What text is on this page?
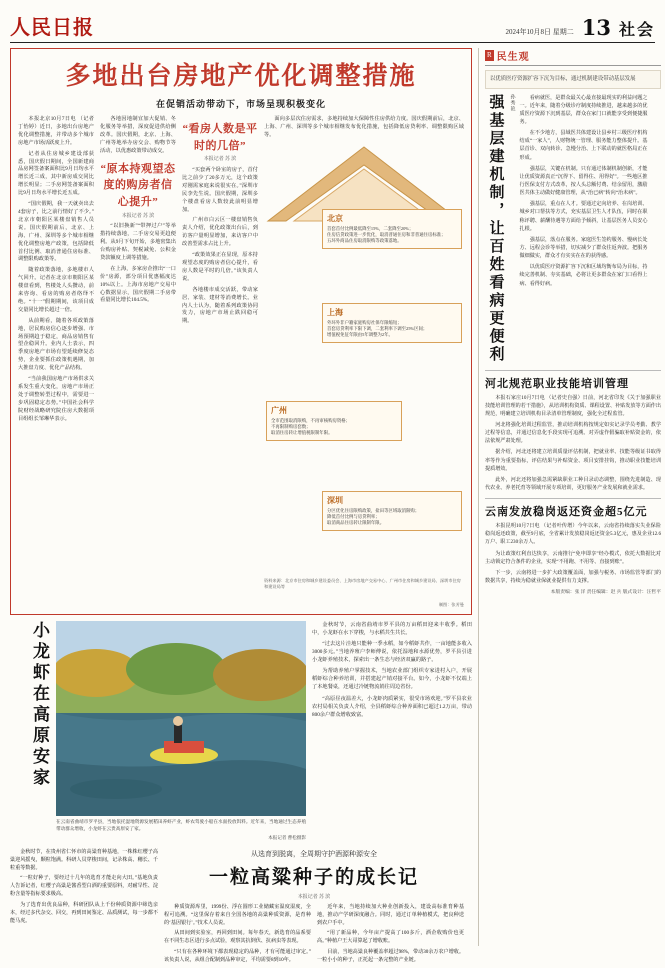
人民日报	2024年10月8日 星期二 13 社会
多地出台房地产优化调整措施
在促销活动带动下，市场呈现积极变化

本报北京10月7日电 （记者丁怡婷）近日，多地出台房地产优化调整措施，并带动多个城市房地产市场活跃度上升。

记者从住房城乡建设部获悉，国庆假日期间，全国新建商品房网签备案面积比9月日均水平增长近三成，其中新房成交同比增长明显；二手房网签备案面积比9月日均水平增长近五成。

“国庆假期，我一天就卖出去4套房子，比之前行情好了不少。”北京市朝阳区某楼盘销售人员说。国庆假期前后，北京、上海、广州、深圳等多个城市相继优化调整房地产政策，包括降低首付比例、取消普通住房标准、调整限购政策等。

随着政策落地，多地楼市人气回升。记者在北京市朝阳区某楼盘看到，售楼处人头攒动，前来咨询、看房的购房者络绎不绝。“十一”假期期间，该项目成交量同比增长超过一倍。

从前期看，随着各项政策落地，居民购房信心逐步增强、市场预期趋于稳定，商品房销售有望企稳回升。业内人士表示，四季度房地产市场有望延续修复态势，企业要抓住政策机遇期，加大推盘力度、优化产品结构。

“当前我国房地产市场供求关系发生重大变化，房地产市场正处于调整转型过程中，需要进一步巩固稳定态势。”中国社会科学院财经战略研究院住房大数据项目组组长邹琳华表示。

各地因地制宜加大促销、冬化服务等举措，深度促进供给侧改革。国庆假期，北京、上海、广州等地举办房交会、购物节等活动，以优惠政策带动成交。

“原本持观望态度的购房者信心提升”
本报记者 苏 滨

“以旧换新”“带押过户”等举措持续落地，二手房交易更趋便利。从9月下旬开始，多地密集出台购房补贴、契税减免、公积金贷款额度上调等措施。

在上海，多家房企推出“一口价”房源，部分项目优惠幅度达10%以上。上海市房地产交易中心数据显示，国庆假期二手房带看量同比增长104.5%。

“看房人数是平时的几倍”
本报记者 苏 滨

“买套两个卧室的房子，首付比之前少了20多万元，这个政策对刚需家庭来说很实在。”深圳市民李先生说。国庆假期，深圳多个楼盘看房人数较此前明显增加。

广州市白云区一楼盘销售负责人介绍，优化政策出台后，到访客户量明显增加，来访客户中改善型需求占比上升。

“政策效果正在显现，原本持观望态度的购房者信心提升，看房人数是平时的几倍。”该负责人说。

各地楼市成交活跃，带动家居、家装、建材等消费增长。业内人士认为，随着系列政策协同发力，房地产市场止跌回稳可期。

面向多层次住房需求，多地持续加大保障性住房供给力度。国庆假期前后，北京、上海、广州、深圳等多个城市相继发布优化措施，包括降低房贷利率、调整限购区域等。

北京
首套首付比例最低降至15%，二套降至20%；
住房信贷政策进一步优化，取消普通住房和非普通住房标准；
五环外商品住房取消限购等政策落地。
上海
外环外非户籍家庭购房社保年限缩短；
首套房贷利率下限下调，二套利率下调至25%区间；
增值税免征年限由5年调整为2年。
广州
全市范围取消限购，不再审核购房资格；
不再限制购房套数；
取消住房转让增值税限制年限。
深圳
分区优化住房限购政策，盐田等区域取消限购；
降低首付比例与房贷利率；
取消商品住房转让限制年限。
资料来源：北京市住房和城乡建设委员会、上海市房地产交易中心、广州市住房和城乡建设局、深圳市住房和建设局等
制图：张芳曼
小龙虾在高原安家
在云南省曲靖市罗平县，当地依托湿地资源发展稻田养虾产业，虾农驾驶小船在水面投放饵料。近年来，当地通过生态养殖带动群众增收，小龙虾在云贵高原安了家。
本报记者 曹松摄影

金秋时节，云南省曲靖市罗平县的万亩稻田迎来丰收季。稻田中，小龙虾在水下穿梭，与水稻共生共长。

“过去这片洼地只能种一季水稻，如今稻虾共作，一亩地能多收入3000多元。”当地养殖户李师傅说，依托湿地和水源优势，罗平县引进小龙虾养殖技术，探索出一条生态与经济双赢的路子。

为帮助养殖户掌握技术，当地农业部门组织专家进村入户，开展稻虾综合种养培训，并搭建起产销对接平台。如今，小龙虾不仅端上了本地餐桌，还通过冷链物流销往周边省份。

“高原昼夜温差大，小龙虾肉质紧实，很受市场欢迎。”罗平县农业农村局相关负责人介绍，全县稻虾综合种养面积已超过1.2万亩，带动800余户群众增收致富。

金秋时节，在贵州省仁怀市的高粱育种基地，一株株红缨子高粱迎风摇曳，颗粒饱满。科研人员穿梭田间，记录株高、穗长、千粒重等数据。

“一粒好种子，要经过十几年的选育才能走向大田。”基地负责人告诉记者，红缨子高粱是酱香型白酒的重要原料，对耐旱性、淀粉含量等指标要求极高。

为了选育出优良品种，科研团队从上千份种质资源中筛选亲本，经过多代杂交、回交，再到田间鉴定、品质测试，每一步都不能马虎。

从选育到脱离，全周期守护酒源种源安全
一粒高粱种子的成长记
本报记者 苏 滨

种质资源库里，1999份、浮在圆形工业储藏室温度湿度，全程可追溯。“这里保存着来自全国各地的高粱种质资源，是育种的‘基因银行’。”技术人员说。

从田间到实验室，再回到田间。每年春天，新选育的品系要在不同生态区进行多点试验，观察其抗倒伏、抗病虫等表现。

“只有在各种环境下都表现稳定的品种，才有可能通过审定。”该负责人说，从组合配制到品种审定，平均需要8到10年。

近年来，当地持续加大种业创新投入，建设高标准育种基地，推动产学研深度融合。同时，通过订单种植模式，把良种送到农户手中。

“用了新品种，今年亩产提高了100多斤，酒企收购价也更高。”种植户王大哥算起了增收账。

目前，当地高粱良种覆盖率超过98%，带动30余万农户增收。一粒小小的种子，正托起一条完整的产业链。

R 民生观
以优质医疗资源扩容下沉为目标，通过机制建设带动基层发展
强基层建机制，让百姓看病更便利 孙秀艳	看病就医，是群众最关心最直接最现实的利益问题之一。近年来，随着分级诊疗制度持续推进，越来越多的优质医疗资源下沉到基层，群众在家门口就能享受到便捷服务。

在不少地方，县域医共体建设让县乡村三级医疗机构结成“一家人”，人财物统一管理、服务能力整体提升。基层首诊、双向转诊、急慢分治、上下联动的就医格局正在形成。

强基层，关键在机制。只有通过体制机制创新，才能让优质资源真正“沉得下、留得住、用得好”。一些地区推行医保支付方式改革，按人头总额付费、结余留用，激励医共体主动做好健康管理，从“治已病”转向“治未病”。

强基层，重点在人才。要通过定向培养、在岗培训、城乡对口帮扶等方式，充实基层卫生人才队伍，同时在职称评聘、薪酬待遇等方面给予倾斜，让基层医务人员安心扎根。

强基层，落点在服务。家庭医生签约服务、慢病长处方、远程会诊等举措，切实减少了群众往返奔波。把服务做细做实，群众才有实实在在的获得感。

以优质医疗资源扩容下沉和区域均衡布局为目标，持续完善机制、夯实基础，必将让更多群众在家门口看得上病、看得好病。

河北规范职业技能培训管理

本报石家庄10月7日电 （记者史自强）日前，河北省印发《关于加强职业技能培训管理的若干措施》，从培训机构资质、课程设置、补贴发放等方面作出规范，明确建立培训机构目录清单管理制度，强化全过程监管。

河北将强化培训过程监管，推动培训机构按规定如实记录学员考勤、教学过程等信息，并通过信息化手段实现可追溯。对弄虚作假骗取补贴资金的，依法依规严肃处理。

据介绍，河北还将建立培训质量评估机制，把就业率、技能等级证书取得率等作为重要指标，评估结果与补贴资金、项目安排挂钩，推动职业技能培训提质增效。

此外，河北还将加强急需紧缺职业工种目录动态调整，围绕先进制造、现代农业、养老托育等领域开展专项培训，更好服务产业发展和就业需求。

云南发放稳岗返还资金超5亿元

本报昆明10月7日电 （记者叶传增）今年以来，云南省持续落实失业保险稳岗返还政策，截至9月底，全省累计发放稳岗返还资金5.3亿元，惠及企业12.6万户、职工230余万人。

为让政策红利直达快享，云南推行“免申即享”经办模式，依托大数据比对主动锁定符合条件的企业，实现“不用跑、不用等、直接到账”。

下一步，云南将进一步扩大政策覆盖面，加强与税务、市场监管等部门的数据共享，持续为稳就业保就业提供有力支撑。

本版责编：张 洋 责任编辑：赵 兵 版式设计：汪哲平
